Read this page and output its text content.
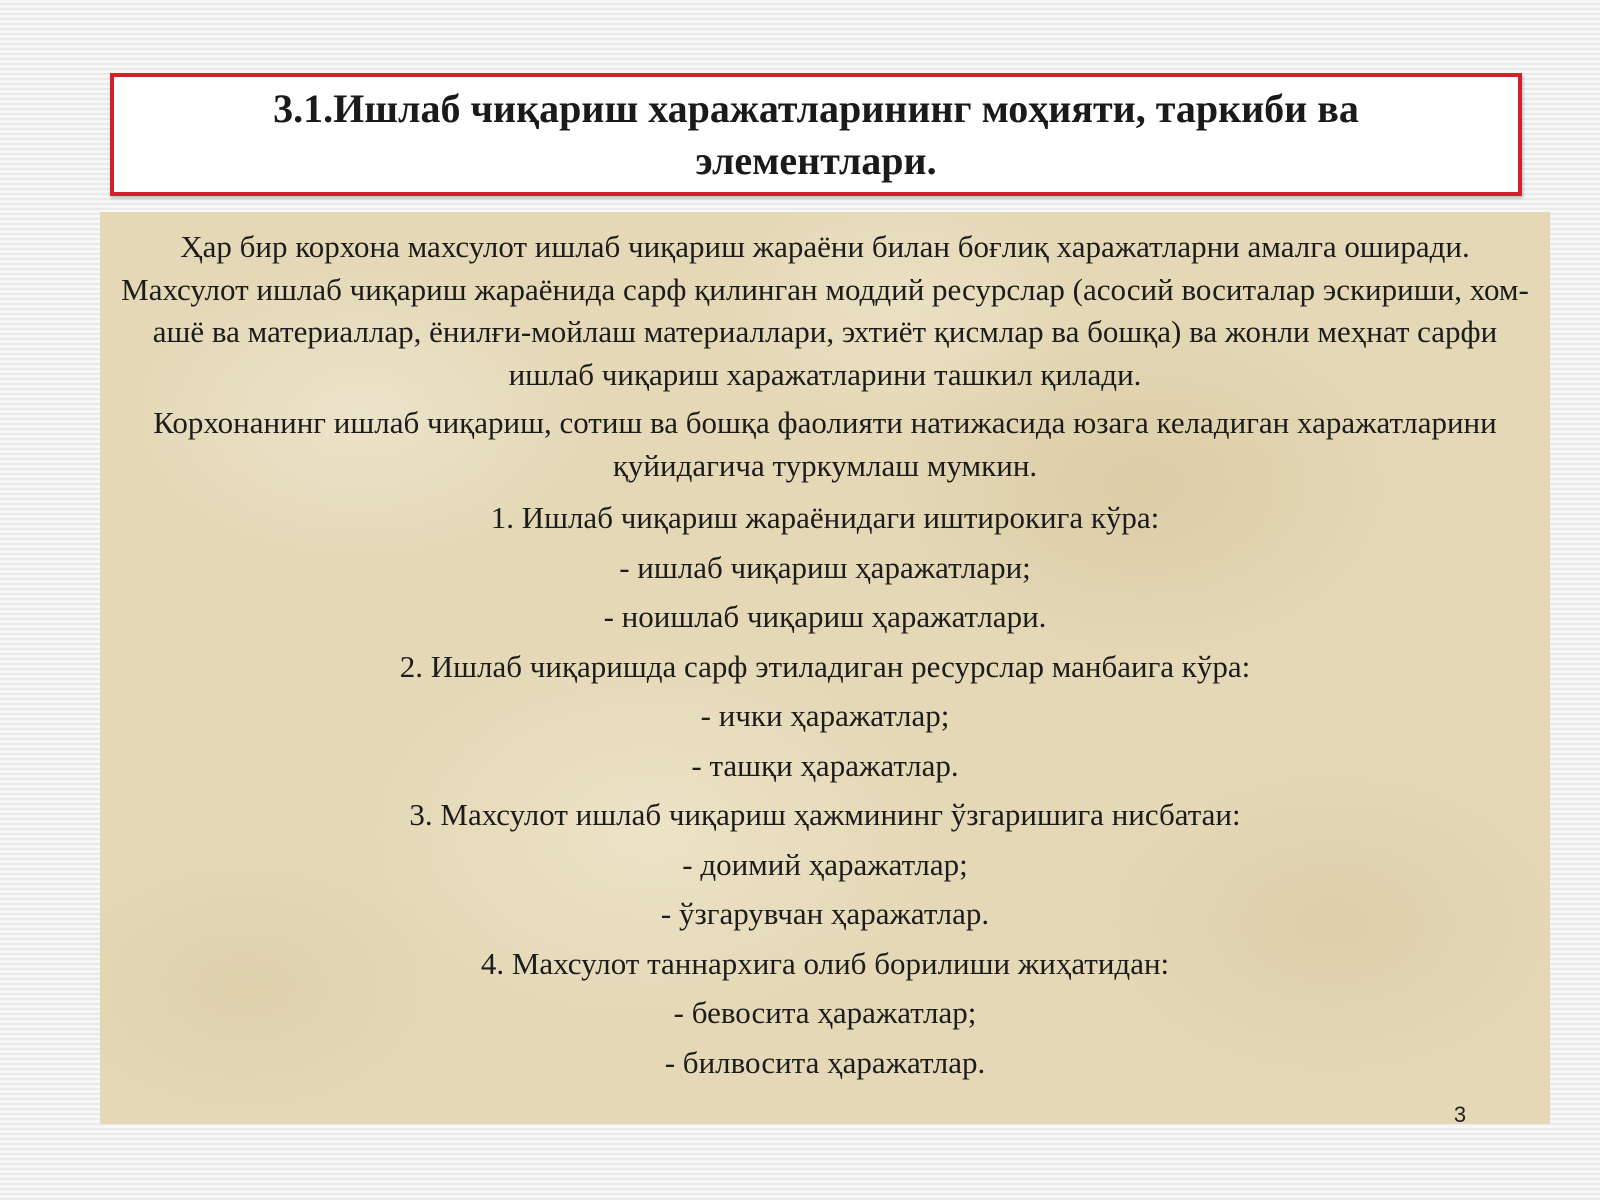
3.1.Ишлаб чиқариш харажатларининг моҳияти, таркиби ва элементлари.

Ҳар бир корхона махсулот ишлаб чиқариш жараёни билан боғлиқ харажатларни амалга оширади. Махсулот ишлаб чиқариш жараёнида сарф қилинган моддий ресурслар (асосий воситалар эскириши, хом-ашё ва материаллар, ёнилғи-мойлаш материаллари, эхтиёт қисмлар ва бошқа) ва жонли меҳнат сарфи ишлаб чиқариш харажатларини ташкил қилади.

Корхонанинг ишлаб чиқариш, сотиш ва бошқа фаолияти натижасида юзага келадиган харажатларини қуйидагича туркумлаш мумкин.

1. Ишлаб чиқариш жараёнидаги иштирокига кўра:

- ишлаб чиқариш ҳаражатлари;

- ноишлаб чиқариш ҳаражатлари.

2. Ишлаб чиқаришда сарф этиладиган ресурслар манбаига кўра:

- ички ҳаражатлар;

- ташқи ҳаражатлар.

3. Махсулот ишлаб чиқариш ҳажмининг ўзгаришига нисбатаи:

- доимий ҳаражатлар;

- ўзгарувчан ҳаражатлар.

4. Махсулот таннархига олиб борилиши жиҳатидан:

- бевосита ҳаражатлар;

- билвосита ҳаражатлар.

3
